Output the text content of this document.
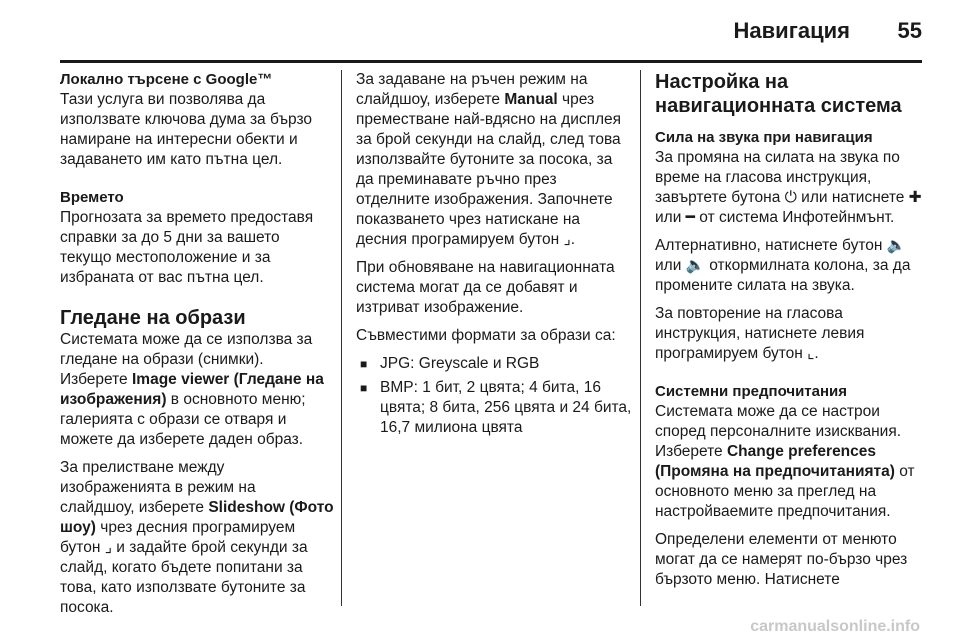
Навигация 55

Локално търсене с Google™

Тази услуга ви позволява да използвате ключова дума за бързо намиране на интересни обекти и задаването им като пътна цел.

Времето

Прогнозата за времето предоставя справки за до 5 дни за вашето текущо местоположение и за избраната от вас пътна цел.

Гледане на образи

Системата може да се използва за гледане на образи (снимки). Изберете Image viewer (Гледане на изображения) в основното меню; галерията с образи се отваря и можете да изберете даден образ.

За прелистване между изображенията в режим на слайдшоу, изберете Slideshow (Фото шоу) чрез десния програмируем бутон ⌟ и задайте брой секунди за слайд, когато бъдете попитани за това, като използвате бутоните за посока.

За задаване на ръчен режим на слайдшоу, изберете Manual чрез преместване най-вдясно на дисплея за брой секунди на слайд, след това използвайте бутоните за посока, за да преминавате ръчно през отделните изображения. Започнете показването чрез натискане на десния програмируем бутон ⌟.

При обновяване на навигационната система могат да се добавят и изтриват изображение.

Съвместими формати за образи са:

■ JPG: Greyscale и RGB
■ BMP: 1 бит, 2 цвята; 4 бита, 16 цвята; 8 бита, 256 цвята и 24 бита, 16,7 милиона цвята

Настройка на навигационната система

Сила на звука при навигация

За промяна на силата на звука по време на гласова инструкция, завъртете бутона ⏻ или натиснете ✚ или ━ от система Инфотейнмънт.

Алтернативно, натиснете бутон 🔈 или 🔈 откормилната колона, за да промените силата на звука.

За повторение на гласова инструкция, натиснете левия програмируем бутон ⌞.

Системни предпочитания

Системата може да се настрои според персоналните изисквания. Изберете Change preferences (Промяна на предпочитанията) от основното меню за преглед на настройваемите предпочитания.

Определени елементи от менюто могат да се намерят по-бързо чрез бързото меню. Натиснете

carmanualsonline.info
